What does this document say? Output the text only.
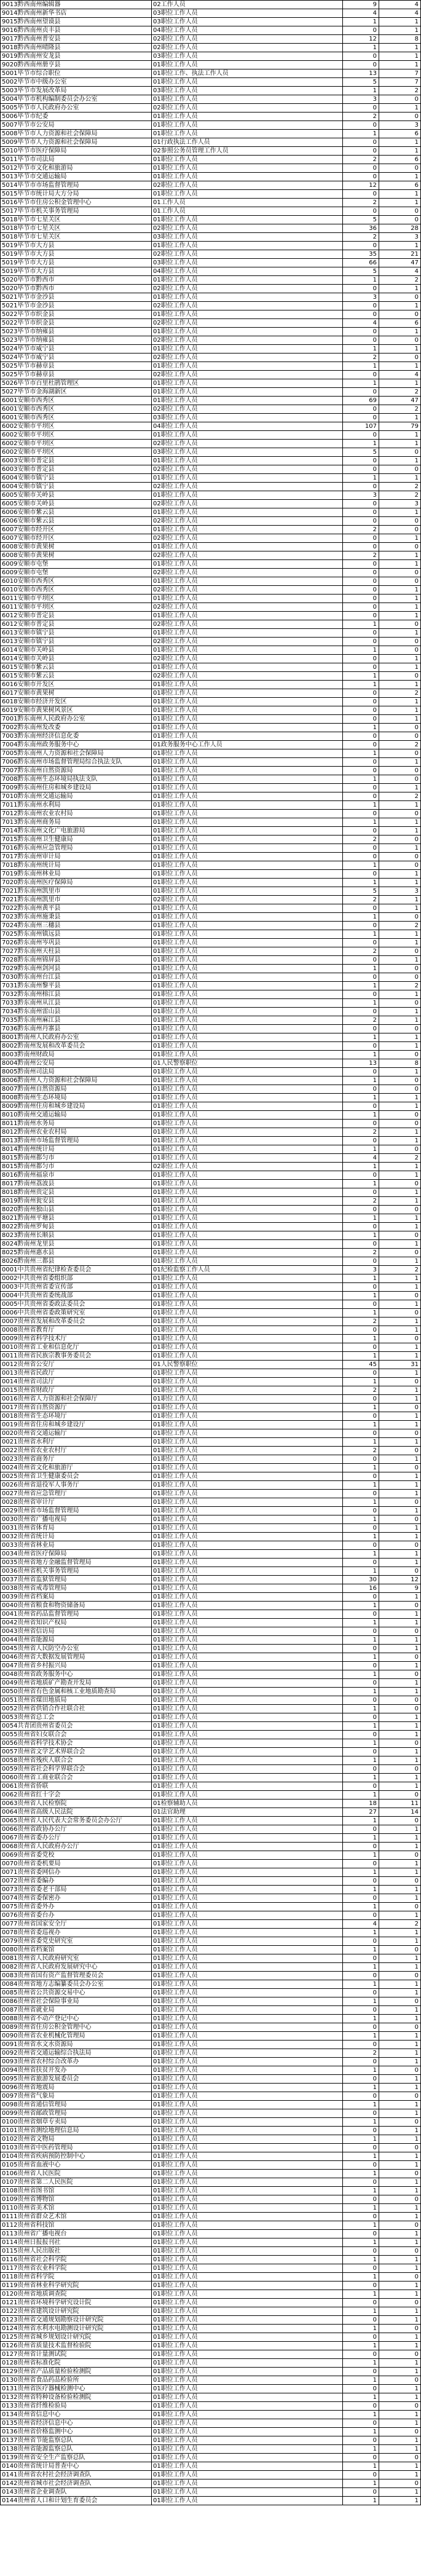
9013黔西南州编辑器	02工作人员	9	4
9014黔西南州新华书店	03职位工作人员	4	4
9015黔西南州望谟县	03职位工作人员	1	1
9016黔西南州贞丰县	04职位工作人员	0	1
9017黔西南州普安县	02职位工作人员	12	8
9018黔西南州晴隆县	02职位工作人员	1	1
9019黔西南州安龙县	03职位工作人员	0	1
9020黔西南州册亨县	01职位工作人员	0	1
5001毕节市综合职位	01职位工作、执法工作人员	13	7
5002毕节市中级办公室	01职位工作人员	5	7
5003毕节市发展改革局	03职位工作人员	1	2
5004毕节市机构编制委员会办公室	01职位工作人员	3	0
5005毕节市人民政府办公室	02职位工作人员	0	1
5006毕节市纪委	01职位工作人员	2	0
5007毕节市公安局	01职位工作人员	0	3
5008毕节市人力资源和社会保障局	01职位工作人员	1	6
5009毕节市人力资源和社会保障局	01行政执法工作人员	0	1
5010毕节市医疗保障局	02参照公务员管理工作人员	0	1
5011毕节市司法局	01职位工作人员	2	6
5012毕节市文化和旅游局	01职位工作人员	0	0
5013毕节市交通运输局	01职位工作人员	0	1
5014毕节市市场监督管理局	02职位工作人员	12	6
5015毕节市统计局大方分局	01职位工作人员	0	1
5016毕节市住房公积金管理中心	01工作人员	2	1
5017毕节市机关事务管理局	01工作人员	0	0
5018毕节市七星关区	01职位工作人员	5	0
5018毕节市七星关区	02职位工作人员	36	28
5018毕节市七星关区	03职位工作人员	2	3
5019毕节市大方县	01职位工作人员	0	1
5019毕节市大方县	02职位工作人员	35	21
5019毕节市大方县	03职位工作人员	66	47
5019毕节市大方县	04职位工作人员	5	4
5020毕节市黔西市	01职位工作人员	1	2
5020毕节市黔西市	02职位工作人员	0	1
5021毕节市金沙县	01职位工作人员	3	0
5021毕节市金沙县	02职位工作人员	0	1
5022毕节市织金县	01职位工作人员	0	0
5022毕节市织金县	02职位工作人员	4	6
5023毕节市纳雍县	01职位工作人员	0	1
5023毕节市纳雍县	02职位工作人员	0	0
5024毕节市威宁县	01职位工作人员	1	1
5024毕节市威宁县	02职位工作人员	2	0
5025毕节市赫章县	01职位工作人员	1	1
5025毕节市赫章县	02职位工作人员	0	4
5026毕节市百里杜鹃管理区	01职位工作人员	1	1
5027毕节市金海湖新区	01职位工作人员	0	2
6001安顺市西秀区	01职位工作人员	69	47
6001安顺市西秀区	02职位工作人员	0	2
6001安顺市西秀区	03职位工作人员	0	1
6002安顺市平坝区	04职位工作人员	107	79
6002安顺市平坝区	01职位工作人员	0	1
6002安顺市平坝区	02职位工作人员	1	1
6002安顺市平坝区	03职位工作人员	5	0
6003安顺市普定县	01职位工作人员	0	1
6003安顺市普定县	02职位工作人员	0	0
6004安顺市镇宁县	01职位工作人员	1	1
6004安顺市镇宁县	02职位工作人员	0	2
6005安顺市关岭县	01职位工作人员	3	2
6005安顺市关岭县	02职位工作人员	0	3
6006安顺市紫云县	01职位工作人员	0	1
6006安顺市紫云县	02职位工作人员	0	0
6007安顺市经开区	01职位工作人员	2	0
6007安顺市经开区	02职位工作人员	0	1
6008安顺市黄果树	01职位工作人员	0	0
6008安顺市黄果树	02职位工作人员	2	1
6009安顺市屯堡	01职位工作人员	0	1
6009安顺市屯堡	02职位工作人员	0	0
6010安顺市西秀区	01职位工作人员	0	0
6010安顺市西秀区	02职位工作人员	0	1
6011安顺市平坝区	01职位工作人员	0	1
6011安顺市平坝区	02职位工作人员	0	1
6012安顺市普定县	01职位工作人员	0	1
6012安顺市普定县	02职位工作人员	1	0
6013安顺市镇宁县	01职位工作人员	0	1
6013安顺市镇宁县	02职位工作人员	0	0
6014安顺市关岭县	01职位工作人员	1	0
6014安顺市关岭县	02职位工作人员	0	1
6015安顺市紫云县	01职位工作人员	0	1
6015安顺市紫云县	02职位工作人员	1	0
6016安顺市开发区	01职位工作人员	1	1
6017安顺市黄果树	01职位工作人员	0	2
6018安顺市经济开发区	01职位工作人员	0	1
6019安顺市黄果树风景区	01职位工作人员	0	1
7001黔东南州人民政府办公室	01职位工作人员	0	1
7002黔东南州发改委	01职位工作人员	1	0
7003黔东南州经济信息化委	01职位工作人员	0	0
7004黔东南州政务服务中心	01政务服务中心工作人员	0	2
7005黔东南州人力资源和社会保障局	01职位工作人员	1	0
7006黔东南州市场监督管理局综合执法支队	01职位工作人员	0	1
7007黔东南州自然资源局	01职位工作人员	0	0
7008黔东南州生态环境局执法支队	01职位工作人员	1	0
7009黔东南州住房和城乡建设局	01职位工作人员	0	1
7010黔东南州交通运输局	01职位工作人员	0	2
7011黔东南州水利局	01职位工作人员	1	1
7012黔东南州农业农村局	01职位工作人员	0	0
7013黔东南州商务局	01职位工作人员	1	1
7014黔东南州文化广电旅游局	01职位工作人员	0	1
7015黔东南州卫生健康局	01职位工作人员	2	0
7016黔东南州应急管理局	01职位工作人员	0	1
7017黔东南州审计局	01职位工作人员	0	0
7018黔东南州统计局	01职位工作人员	1	0
7019黔东南州林业局	01职位工作人员	0	1
7020黔东南州医疗保障局	01职位工作人员	1	1
7021黔东南州凯里市	01职位工作人员	5	3
7021黔东南州凯里市	02职位工作人员	2	1
7022黔东南州黄平县	01职位工作人员	0	1
7023黔东南州施秉县	01职位工作人员	1	0
7024黔东南州三穗县	01职位工作人员	0	2
7025黔东南州镇远县	01职位工作人员	1	1
7026黔东南州岑巩县	01职位工作人员	0	1
7027黔东南州天柱县	01职位工作人员	2	0
7028黔东南州锦屏县	01职位工作人员	0	1
7029黔东南州剑河县	01职位工作人员	1	0
7030黔东南州台江县	01职位工作人员	0	0
7031黔东南州黎平县	01职位工作人员	1	2
7032黔东南州榕江县	01职位工作人员	0	1
7033黔东南州从江县	01职位工作人员	1	0
7034黔东南州雷山县	01职位工作人员	0	1
7035黔东南州麻江县	01职位工作人员	2	1
7036黔东南州丹寨县	01职位工作人员	0	0
8001黔南州人民政府办公室	01职位工作人员	1	1
8002黔南州发展和改革委员会	01职位工作人员	0	1
8003黔南州财政局	01职位工作人员	1	0
8004黔南州公安局	01人民警察职位	13	8
8005黔南州司法局	01职位工作人员	0	1
8006黔南州人力资源和社会保障局	01职位工作人员	1	0
8007黔南州自然资源局	01职位工作人员	0	0
8008黔南州生态环境局	01职位工作人员	1	1
8009黔南州住房和城乡建设局	01职位工作人员	0	1
8010黔南州交通运输局	01职位工作人员	1	0
8011黔南州水务局	01职位工作人员	0	0
8012黔南州农业农村局	01职位工作人员	2	1
8013黔南州市场监督管理局	01职位工作人员	0	1
8014黔南州统计局	01职位工作人员	1	0
8015黔南州都匀市	01职位工作人员	4	2
8015黔南州都匀市	02职位工作人员	1	1
8016黔南州福泉市	01职位工作人员	0	1
8017黔南州荔波县	01职位工作人员	1	0
8018黔南州贵定县	01职位工作人员	0	1
8019黔南州瓮安县	01职位工作人员	2	1
8020黔南州独山县	01职位工作人员	0	0
8021黔南州平塘县	01职位工作人员	1	1
8022黔南州罗甸县	01职位工作人员	0	1
8023黔南州长顺县	01职位工作人员	1	0
8024黔南州龙里县	01职位工作人员	0	1
8025黔南州惠水县	01职位工作人员	2	0
8026黔南州三都县	01职位工作人员	0	1
0001中共贵州省纪律检查委员会	01纪检监察工作人员	3	2
0002中共贵州省委组织部	01职位工作人员	1	1
0003中共贵州省委宣传部	01职位工作人员	0	1
0004中共贵州省委统战部	01职位工作人员	1	0
0005中共贵州省委政法委员会	01职位工作人员	0	1
0006中共贵州省委政策研究室	01职位工作人员	1	0
0007贵州省发展和改革委员会	01职位工作人员	2	1
0008贵州省教育厅	01职位工作人员	0	1
0009贵州省科学技术厅	01职位工作人员	1	0
0010贵州省工业和信息化厅	01职位工作人员	0	1
0011贵州省民族宗教事务委员会	01职位工作人员	1	1
0012贵州省公安厅	01人民警察职位	45	31
0013贵州省民政厅	01职位工作人员	0	1
0014贵州省司法厅	01职位工作人员	1	0
0015贵州省财政厅	01职位工作人员	2	1
0016贵州省人力资源和社会保障厅	01职位工作人员	0	1
0017贵州省自然资源厅	01职位工作人员	1	0
0018贵州省生态环境厅	01职位工作人员	0	1
0019贵州省住房和城乡建设厅	01职位工作人员	1	1
0020贵州省交通运输厅	01职位工作人员	0	0
0021贵州省水利厅	01职位工作人员	1	1
0022贵州省农业农村厅	01职位工作人员	2	0
0023贵州省商务厅	01职位工作人员	0	1
0024贵州省文化和旅游厅	01职位工作人员	1	0
0025贵州省卫生健康委员会	01职位工作人员	0	1
0026贵州省退役军人事务厅	01职位工作人员	1	1
0027贵州省应急管理厅	01职位工作人员	0	1
0028贵州省审计厅	01职位工作人员	1	0
0029贵州省市场监督管理局	01职位工作人员	0	1
0030贵州省广播电视局	01职位工作人员	1	0
0031贵州省体育局	01职位工作人员	0	1
0032贵州省统计局	01职位工作人员	1	1
0033贵州省林业局	01职位工作人员	0	0
0034贵州省医疗保障局	01职位工作人员	1	1
0035贵州省地方金融监督管理局	01职位工作人员	0	1
0036贵州省机关事务管理局	01职位工作人员	1	0
0037贵州省监狱管理局	01职位工作人员	30	12
0038贵州省戒毒管理局	01职位工作人员	16	9
0039贵州省档案局	01职位工作人员	0	1
0040贵州省粮食和物资储备局	01职位工作人员	1	0
0041贵州省药品监督管理局	01职位工作人员	0	1
0042贵州省知识产权局	01职位工作人员	1	1
0043贵州省信访局	01职位工作人员	0	0
0044贵州省能源局	01职位工作人员	1	1
0045贵州省人民防空办公室	01职位工作人员	0	1
0046贵州省大数据发展管理局	01职位工作人员	1	0
0047贵州省乡村振兴局	01职位工作人员	0	1
0048贵州省政务服务中心	01职位工作人员	1	0
0049贵州省地质矿产勘查开发局	01职位工作人员	0	1
0050贵州省有色金属和核工业地质勘查局	01职位工作人员	1	1
0051贵州省煤田地质局	01职位工作人员	0	0
0052贵州省供销合作社联合社	01职位工作人员	1	0
0053贵州省总工会	01职位工作人员	0	1
0054共青团贵州省委员会	01职位工作人员	1	1
0055贵州省妇女联合会	01职位工作人员	0	1
0056贵州省科学技术协会	01职位工作人员	1	0
0057贵州省文学艺术界联合会	01职位工作人员	0	1
0058贵州省残疾人联合会	01职位工作人员	1	1
0059贵州省社会科学界联合会	01职位工作人员	0	0
0060贵州省工商业联合会	01职位工作人员	1	1
0061贵州省侨联	01职位工作人员	0	1
0062贵州省红十字会	01职位工作人员	1	0
0063贵州省人民检察院	01检察辅助人员	18	11
0064贵州省高级人民法院	01法官助理	27	14
0065贵州省人民代表大会常务委员会办公厅	01职位工作人员	1	0
0066贵州省政协办公厅	01职位工作人员	0	1
0067贵州省委办公厅	01职位工作人员	1	1
0068贵州省人民政府办公厅	01职位工作人员	0	1
0069贵州省委党校	01职位工作人员	1	0
0070贵州省委机要局	01职位工作人员	0	1
0071贵州省委网信办	01职位工作人员	1	1
0072贵州省委编办	01职位工作人员	0	0
0073贵州省委老干部局	01职位工作人员	1	1
0074贵州省委保密办	01职位工作人员	0	1
0075贵州省委外办	01职位工作人员	1	0
0076贵州省委台办	01职位工作人员	0	1
0077贵州省国家安全厅	01职位工作人员	4	2
0078贵州省委巡视办	01职位工作人员	1	1
0079贵州省委党史研究室	01职位工作人员	0	1
0080贵州省档案馆	01职位工作人员	1	0
0081贵州省人民政府研究室	01职位工作人员	0	1
0082贵州省人民政府发展研究中心	01职位工作人员	1	1
0083贵州省国有资产监督管理委员会	01职位工作人员	0	0
0084贵州省地方志编纂委员会办公室	01职位工作人员	1	1
0085贵州省公共资源交易中心	01职位工作人员	0	1
0086贵州省社会保险事业局	01职位工作人员	1	0
0087贵州省就业局	01职位工作人员	0	1
0088贵州省不动产登记中心	01职位工作人员	1	1
0089贵州省住房公积金管理中心	01职位工作人员	0	0
0090贵州省农业机械化管理局	01职位工作人员	1	1
0091贵州省水文水资源局	01职位工作人员	0	1
0092贵州省交通运输综合执法局	01职位工作人员	2	1
0093贵州省农村综合改革办	01职位工作人员	0	1
0094贵州省扶贫开发办	01职位工作人员	1	0
0095贵州省旅游发展委员会	01职位工作人员	0	1
0096贵州省地震局	01职位工作人员	1	1
0097贵州省气象局	01职位工作人员	0	0
0098贵州省通信管理局	01职位工作人员	1	1
0099贵州省邮政管理局	01职位工作人员	0	1
0100贵州省烟草专卖局	01职位工作人员	1	0
0101贵州省测绘地理信息局	01职位工作人员	0	1
0102贵州省文物局	01职位工作人员	1	1
0103贵州省中医药管理局	01职位工作人员	0	0
0104贵州省疾病预防控制中心	01职位工作人员	1	1
0105贵州省血液中心	01职位工作人员	0	1
0106贵州省人民医院	01职位工作人员	1	0
0107贵州省第二人民医院	01职位工作人员	0	1
0108贵州省图书馆	01职位工作人员	1	1
0109贵州省博物馆	01职位工作人员	0	0
0110贵州省美术馆	01职位工作人员	1	1
0111贵州省群众艺术馆	01职位工作人员	0	1
0112贵州省科技馆	01职位工作人员	1	0
0113贵州省广播电视台	01职位工作人员	0	1
0114贵州日报报刊社	01职位工作人员	1	1
0115贵州人民出版社	01职位工作人员	0	0
0116贵州省社会科学院	01职位工作人员	1	1
0117贵州省农业科学院	01职位工作人员	0	1
0118贵州省科学院	01职位工作人员	1	0
0119贵州省林业科学研究院	01职位工作人员	0	1
0120贵州省地质调查院	01职位工作人员	1	1
0121贵州省环境科学研究设计院	01职位工作人员	0	0
0122贵州省建筑设计研究院	01职位工作人员	1	1
0123贵州省交通规划勘察设计研究院	01职位工作人员	0	1
0124贵州省水利水电勘测设计研究院	01职位工作人员	1	0
0125贵州省城乡规划设计研究院	01职位工作人员	0	1
0126贵州省质量技术监督检验院	01职位工作人员	1	1
0127贵州省计量测试院	01职位工作人员	0	0
0128贵州省标准化院	01职位工作人员	1	1
0129贵州省产品质量检验检测院	01职位工作人员	0	1
0130贵州省食品药品检验所	01职位工作人员	1	0
0131贵州省医疗器械检测中心	01职位工作人员	0	1
0132贵州省特种设备检验检测院	01职位工作人员	1	1
0133贵州省纤维检验局	01职位工作人员	0	0
0134贵州省信息中心	01职位工作人员	1	1
0135贵州省经济信息中心	01职位工作人员	0	1
0136贵州省价格监测中心	01职位工作人员	1	0
0137贵州省节能监察总队	01职位工作人员	0	1
0138贵州省能源监察总队	01职位工作人员	1	1
0139贵州省安全生产监察总队	01职位工作人员	0	0
0140贵州省统计局普查中心	01职位工作人员	1	1
0141贵州省农村社会经济调查队	01职位工作人员	0	1
0142贵州省城市社会经济调查队	01职位工作人员	1	0
0143贵州省企业调查队	01职位工作人员	0	1
0144贵州省人口和计划生育委员会	01职位工作人员	1	1
